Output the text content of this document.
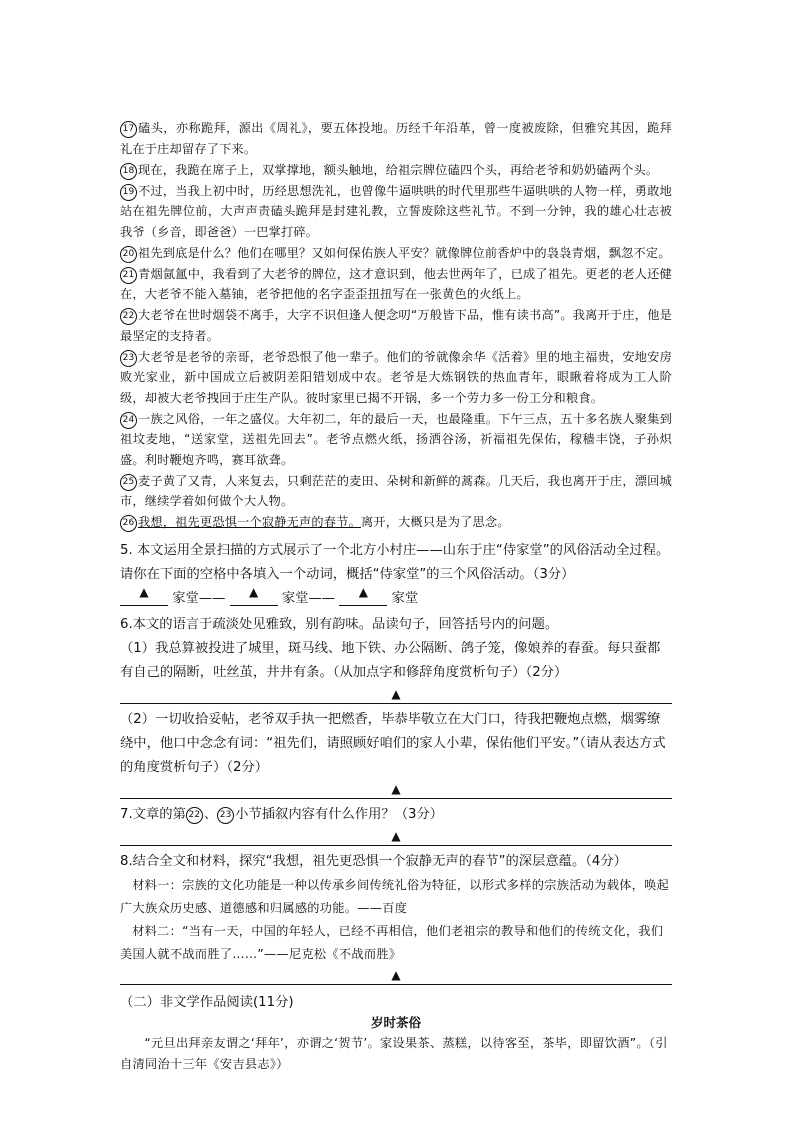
17 磕头，亦称跪拜，源出《周礼》，要五体投地。历经千年沿革，曾一度被废除，但雅究其因，跪拜礼在于庄却留存了下来。

18 现在，我跪在席子上，双掌撑地，额头触地，给祖宗牌位磕四个头，再给老爷和奶奶磕两个头。

19 不过，当我上初中时，历经思想洗礼，也曾像牛逼哄哄的时代里那些牛逼哄哄的人物一样，勇敢地站在祖先牌位前，大声声责磕头跪拜是封建礼教，立誓废除这些礼节。不到一分钟，我的雄心壮志被我爷（乡音，即爸爸）一巴掌打碎。

20 祖先到底是什么？他们在哪里？又如何保佑族人平安？就像牌位前香炉中的袅袅青烟，飘忽不定。

21 青烟氤氲中，我看到了大老爷的牌位，这才意识到，他去世两年了，已成了祖先。更老的老人还健在，大老爷不能入墓铀，老爷把他的名字歪歪扭扭写在一张黄色的火纸上。

22 大老爷在世时烟袋不离手，大字不识但逢人便念叨“万般皆下品，惟有读书高”。我离开于庄，他是最坚定的支持者。

23 大老爷是老爷的亲哥，老爷恐恨了他一辈子。他们的爷就像余华《活着》里的地主福贵，安地安房败光家业，新中国成立后被阴差阳错划成中农。老爷是大炼钢铁的热血青年，眼瞅着将成为工人阶级，却被大老爷拽回于庄生产队。彼时家里已揭不开锅，多一个劳力多一份工分和粮食。

24 一族之风俗，一年之盛仪。大年初二，年的最后一天，也最隆重。下午三点，五十多名族人聚集到祖坟麦地，“送家堂，送祖先回去”。老爷点燃火纸，扬洒谷汤，祈福祖先保佑，稼穑丰饶，子孙炽盛。利时鞭炮齐鸣，赛耳欲聋。

25 麦子黄了又青，人来复去，只剩茫茫的麦田、朵树和新鲜的蒿森。几天后，我也离开于庄，漂回城市，继续学着如何做个大人物。

26 我想，祖先更恐惧一个寂静无声的春节。离开，大概只是为了思念。

5. 本文运用全景扫描的方式展示了一个北方小村庄——山东于庄“侍家堂”的风俗活动全过程。请你在下面的空格中各填入一个动词，概括“侍家堂”的三个风俗活动。（3分）

▲ 家堂—— ▲ 家堂—— ▲ 家堂

6.本文的语言于疏淡处见雅致，别有韵味。品读句子，回答括号内的问题。

（1）我总算被投进了城里，斑马线、地下铁、办公隔断、鸽子笼，像娘养的春蚕。每只蚕都有自己的隔断，吐丝茧，井井有条。（从加点字和修辞角度赏析句子）（2分）

▲

（2）一切收拾妥帖，老爷双手执一把燃香，毕恭毕敬立在大门口，待我把鞭炮点燃，烟雾缭绕中，他口中念念有词：“祖先们，请照顾好咱们的家人小辈，保佑他们平安。”（请从表达方式的角度赏析句子）（2分）

▲

7.文章的第 22 、 23 小节插叙内容有什么作用？（3分）

▲

8.结合全文和材料，探究“我想，祖先更恐惧一个寂静无声的春节”的深层意蕴。（4分）

材料一：宗族的文化功能是一种以传承乡间传统礼俗为特征，以形式多样的宗族活动为载体，唤起广大族众历史感、道德感和归属感的功能。——百度

材料二：“当有一天，中国的年轻人，已经不再相信，他们老祖宗的教导和他们的传统文化，我们美国人就不战而胜了……”——尼克松《不战而胜》

▲

（二）非文学作品阅读(11分)

岁时茶俗

“元旦出拜亲友谓之‘拜年’，亦谓之‘贺节’。家设果茶、蒸糕，以待客至，茶毕，即留饮酒”。（引自清同治十三年《安吉县志》）
